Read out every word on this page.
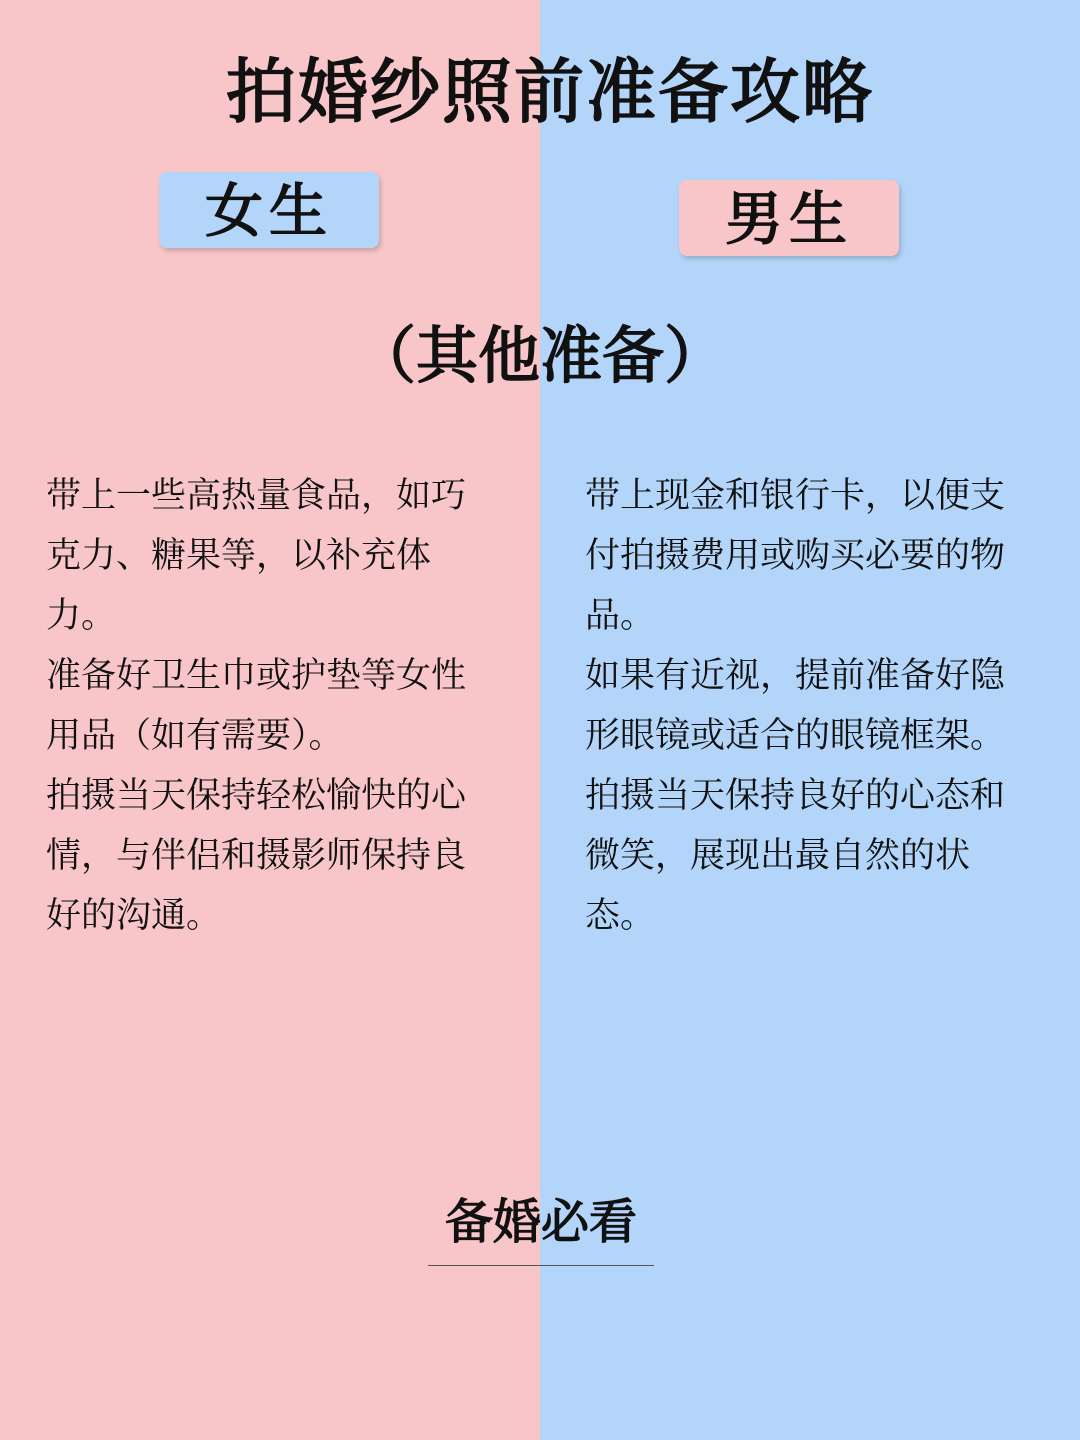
拍婚纱照前准备攻略
女生	男生
（其他准备）

带上一些高热量食品，如巧克力、糖果等，以补充体力。

准备好卫生巾或护垫等女性用品（如有需要）。

拍摄当天保持轻松愉快的心情，与伴侣和摄影师保持良好的沟通。

带上现金和银行卡，以便支付拍摄费用或购买必要的物品。

如果有近视，提前准备好隐形眼镜或适合的眼镜框架。

拍摄当天保持良好的心态和微笑，展现出最自然的状态。

备婚必看
